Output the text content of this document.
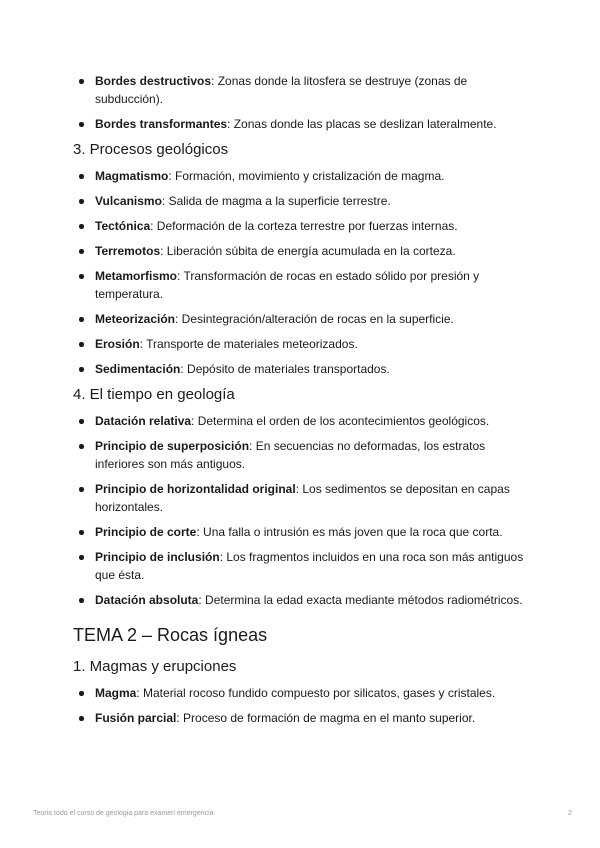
Bordes destructivos: Zonas donde la litosfera se destruye (zonas de subducción).
Bordes transformantes: Zonas donde las placas se deslizan lateralmente.
3. Procesos geológicos
Magmatismo: Formación, movimiento y cristalización de magma.
Vulcanismo: Salida de magma a la superficie terrestre.
Tectónica: Deformación de la corteza terrestre por fuerzas internas.
Terremotos: Liberación súbita de energía acumulada en la corteza.
Metamorfismo: Transformación de rocas en estado sólido por presión y temperatura.
Meteorización: Desintegración/alteración de rocas en la superficie.
Erosión: Transporte de materiales meteorizados.
Sedimentación: Depósito de materiales transportados.
4. El tiempo en geología
Datación relativa: Determina el orden de los acontecimientos geológicos.
Principio de superposición: En secuencias no deformadas, los estratos inferiores son más antiguos.
Principio de horizontalidad original: Los sedimentos se depositan en capas horizontales.
Principio de corte: Una falla o intrusión es más joven que la roca que corta.
Principio de inclusión: Los fragmentos incluidos en una roca son más antiguos que ésta.
Datación absoluta: Determina la edad exacta mediante métodos radiométricos.
TEMA 2 – Rocas ígneas
1. Magmas y erupciones
Magma: Material rocoso fundido compuesto por silicatos, gases y cristales.
Fusión parcial: Proceso de formación de magma en el manto superior.
Teoria todo el curso de geologia para examen emergencia	2
